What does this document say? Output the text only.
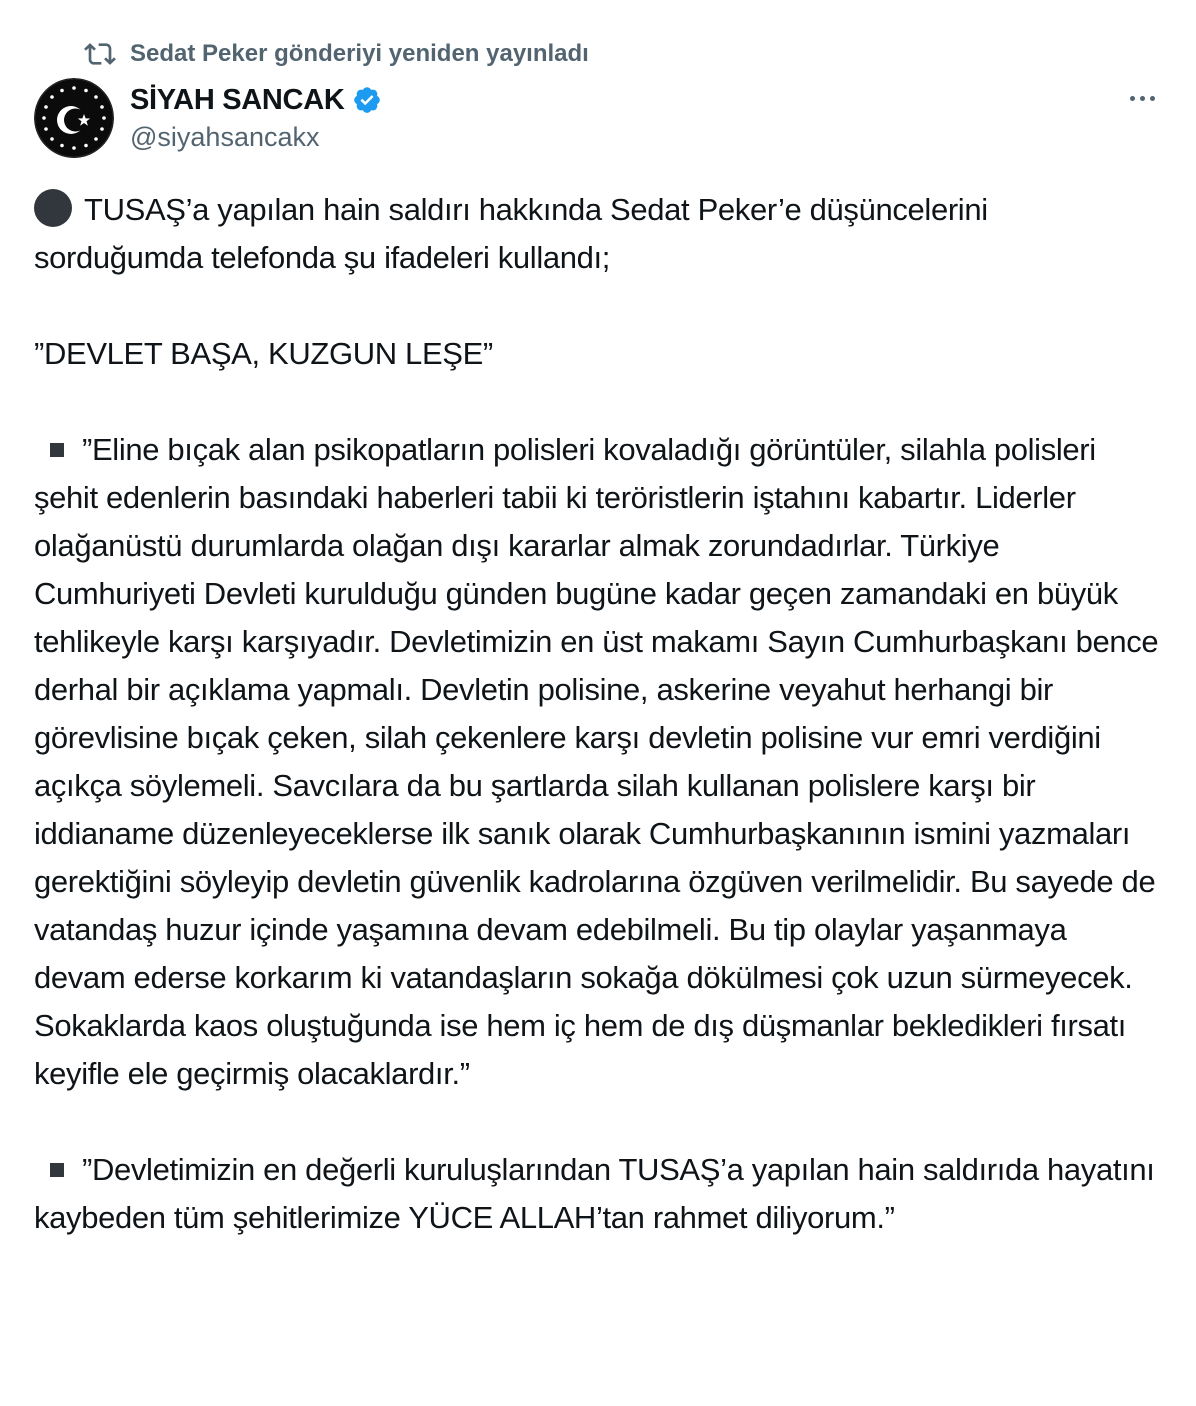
Sedat Peker gönderiyi yeniden yayınladı
SİYAH SANCAK
@siyahsancakx

TUSAŞ’a yapılan hain saldırı hakkında Sedat Peker’e düşüncelerini sorduğumda telefonda şu ifadeleri kullandı;

”DEVLET BAŞA, KUZGUN LEŞE”

”Eline bıçak alan psikopatların polisleri kovaladığı görüntüler, silahla polisleri şehit edenlerin basındaki haberleri tabii ki teröristlerin iştahını kabartır. Liderler olağanüstü durumlarda olağan dışı kararlar almak zorundadırlar. Türkiye Cumhuriyeti Devleti kurulduğu günden bugüne kadar geçen zamandaki en büyük tehlikeyle karşı karşıyadır. Devletimizin en üst makamı Sayın Cumhurbaşkanı bence derhal bir açıklama yapmalı. Devletin polisine, askerine veyahut herhangi bir görevlisine bıçak çeken, silah çekenlere karşı devletin polisine vur emri verdiğini açıkça söylemeli. Savcılara da bu şartlarda silah kullanan polislere karşı bir iddianame düzenleyeceklerse ilk sanık olarak Cumhurbaşkanının ismini yazmaları gerektiğini söyleyip devletin güvenlik kadrolarına özgüven verilmelidir. Bu sayede de vatandaş huzur içinde yaşamına devam edebilmeli. Bu tip olaylar yaşanmaya devam ederse korkarım ki vatandaşların sokağa dökülmesi çok uzun sürmeyecek. Sokaklarda kaos oluştuğunda ise hem iç hem de dış düşmanlar bekledikleri fırsatı keyifle ele geçirmiş olacaklardır.”

”Devletimizin en değerli kuruluşlarından TUSAŞ’a yapılan hain saldırıda hayatını kaybeden tüm şehitlerimize YÜCE ALLAH’tan rahmet diliyorum.”
